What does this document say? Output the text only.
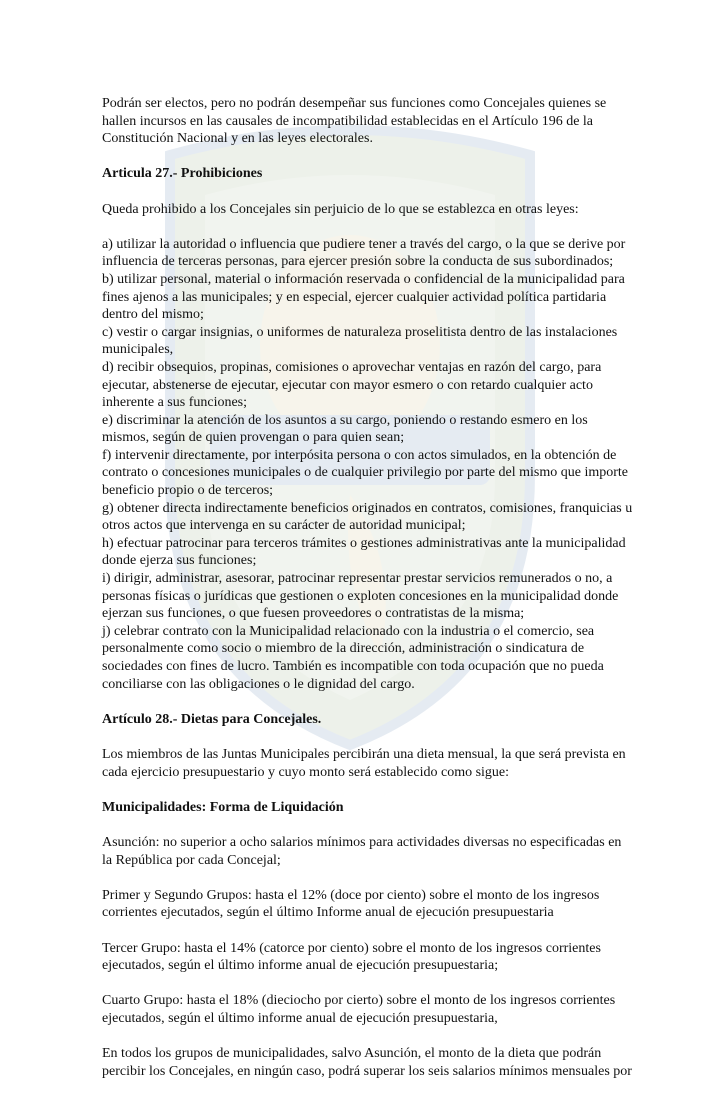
Podrán ser electos, pero no podrán desempeñar sus funciones como Concejales quienes se
hallen incursos en las causales de incompatibilidad establecidas en el Artículo 196 de la
Constitución Nacional y en las leyes electorales.

Articula 27.- Prohibiciones

Queda prohibido a los Concejales sin perjuicio de lo que se establezca en otras leyes:

a) utilizar la autoridad o influencia que pudiere tener a través del cargo, o la que se derive por
influencia de terceras personas, para ejercer presión sobre la conducta de sus subordinados;

b) utilizar personal, material o información reservada o confidencial de la municipalidad para
fines ajenos a las municipales; y en especial, ejercer cualquier actividad política partidaria
dentro del mismo;

c) vestir o cargar insignias, o uniformes de naturaleza proselitista dentro de las instalaciones
municipales,

d) recibir obsequios, propinas, comisiones o aprovechar ventajas en razón del cargo, para
ejecutar, abstenerse de ejecutar, ejecutar con mayor esmero o con retardo cualquier acto
inherente a sus funciones;

e) discriminar la atención de los asuntos a su cargo, poniendo o restando esmero en los
mismos, según de quien provengan o para quien sean;

f) intervenir directamente, por interpósita persona o con actos simulados, en la obtención de
contrato o concesiones municipales o de cualquier privilegio por parte del mismo que importe
beneficio propio o de terceros;

g) obtener directa indirectamente beneficios originados en contratos, comisiones, franquicias u
otros actos que intervenga en su carácter de autoridad municipal;

h) efectuar patrocinar para terceros trámites o gestiones administrativas ante la municipalidad
donde ejerza sus funciones;

i) dirigir, administrar, asesorar, patrocinar representar prestar servicios remunerados o no, a
personas físicas o jurídicas que gestionen o exploten concesiones en la municipalidad donde
ejerzan sus funciones, o que fuesen proveedores o contratistas de la misma;

j) celebrar contrato con la Municipalidad relacionado con la industria o el comercio, sea
personalmente como socio o miembro de la dirección, administración o sindicatura de
sociedades con fines de lucro. También es incompatible con toda ocupación que no pueda
conciliarse con las obligaciones o le dignidad del cargo.

Artículo 28.- Dietas para Concejales.

Los miembros de las Juntas Municipales percibirán una dieta mensual, la que será prevista en
cada ejercicio presupuestario y cuyo monto será establecido como sigue:

Municipalidades: Forma de Liquidación

Asunción: no superior a ocho salarios mínimos para actividades diversas no especificadas en
la República por cada Concejal;

Primer y Segundo Grupos: hasta el 12% (doce por ciento) sobre el monto de los ingresos
corrientes ejecutados, según el último Informe anual de ejecución presupuestaria

Tercer Grupo: hasta el 14% (catorce por ciento) sobre el monto de los ingresos corrientes
ejecutados, según el último informe anual de ejecución presupuestaria;

Cuarto Grupo: hasta el 18% (dieciocho por cierto) sobre el monto de los ingresos corrientes
ejecutados, según el último informe anual de ejecución presupuestaria,

En todos los grupos de municipalidades, salvo Asunción, el monto de la dieta que podrán
percibir los Concejales, en ningún caso, podrá superar los seis salarios mínimos mensuales por
